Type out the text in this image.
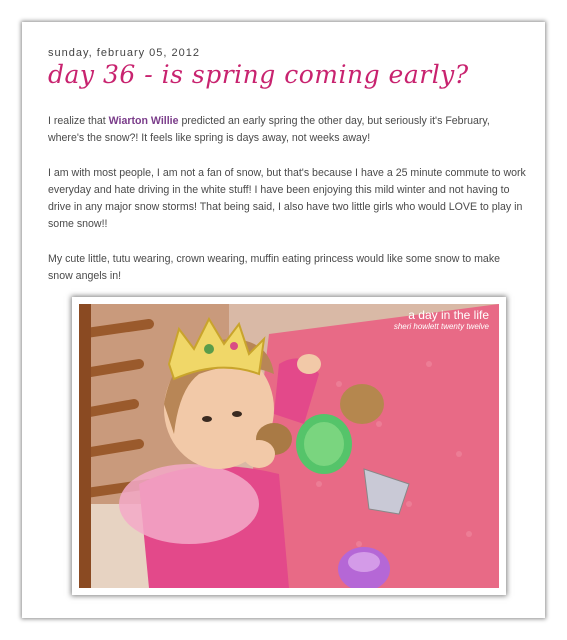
sunday, february 05, 2012
day 36 - is spring coming early?

I realize that Wiarton Willie predicted an early spring the other day, but seriously it's February, where's the snow?! It feels like spring is days away, not weeks away!

I am with most people, I am not a fan of snow, but that's because I have a 25 minute commute to work everyday and hate driving in the white stuff! I have been enjoying this mild winter and not having to drive in any major snow storms! That being said, I also have two little girls who would LOVE to play in some snow!!

My cute little, tutu wearing, crown wearing, muffin eating princess would like some snow to make snow angels in!

a day in the life
sheri howlett twenty twelve
